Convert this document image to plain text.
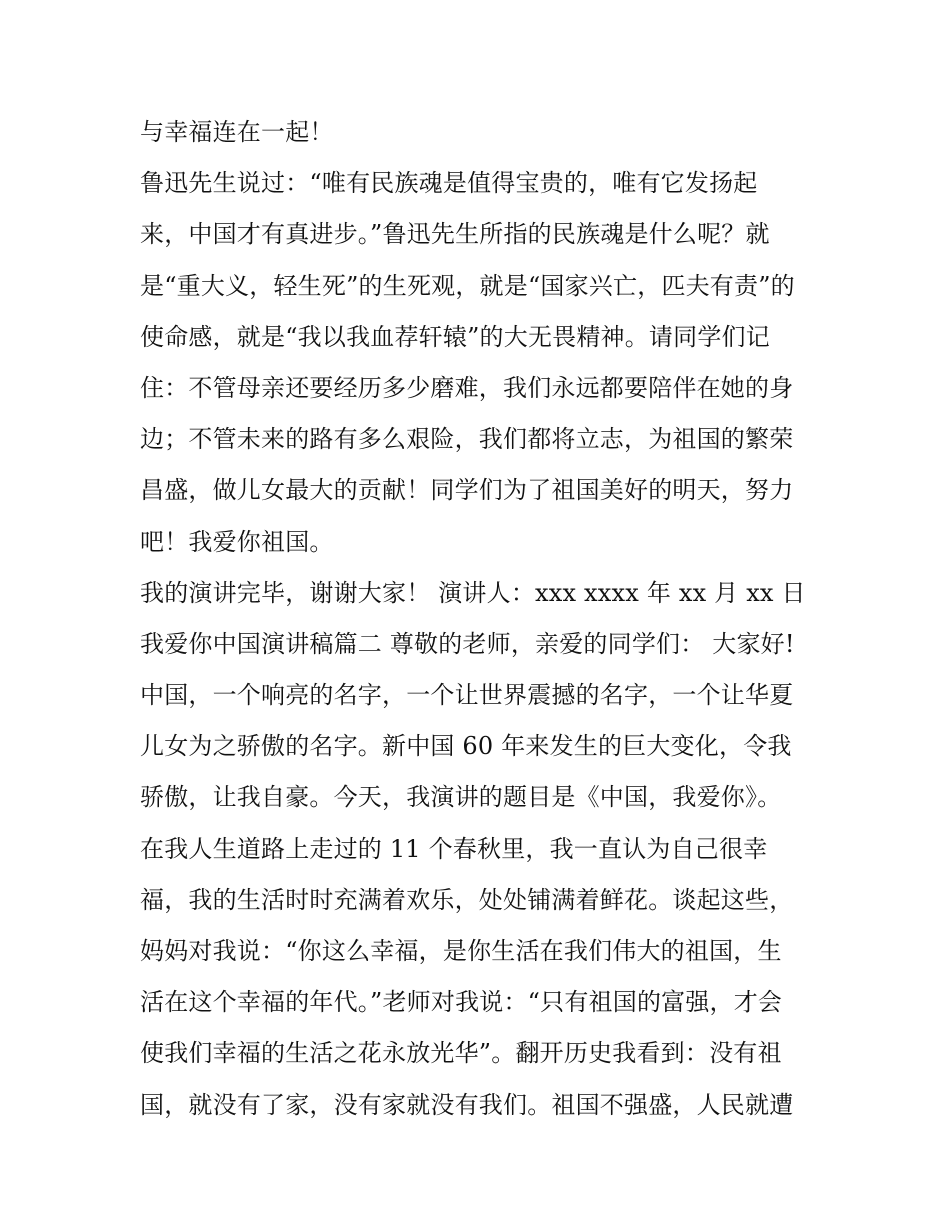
与幸福连在一起！
鲁迅先生说过：“唯有民族魂是值得宝贵的，唯有它发扬起
来，中国才有真进步。”鲁迅先生所指的民族魂是什么呢？就
是“重大义，轻生死”的生死观，就是“国家兴亡，匹夫有责”的
使命感，就是“我以我血荐轩辕”的大无畏精神。请同学们记
住：不管母亲还要经历多少磨难，我们永远都要陪伴在她的身
边；不管未来的路有多么艰险，我们都将立志，为祖国的繁荣
昌盛，做儿女最大的贡献！同学们为了祖国美好的明天，努力
吧！我爱你祖国。
我的演讲完毕，谢谢大家！ 演讲人：xxx xxxx 年 xx 月 xx 日
我爱你中国演讲稿篇二 尊敬的老师，亲爱的同学们： 大家好!
中国，一个响亮的名字，一个让世界震撼的名字，一个让华夏
儿女为之骄傲的名字。新中国 60 年来发生的巨大变化，令我
骄傲，让我自豪。今天，我演讲的题目是《中国，我爱你》。
在我人生道路上走过的 11 个春秋里，我一直认为自己很幸
福，我的生活时时充满着欢乐，处处铺满着鲜花。谈起这些，
妈妈对我说：“你这么幸福，是你生活在我们伟大的祖国，生
活在这个幸福的年代。”老师对我说：“只有祖国的富强，才会
使我们幸福的生活之花永放光华”。翻开历史我看到：没有祖
国，就没有了家，没有家就没有我们。祖国不强盛，人民就遭
